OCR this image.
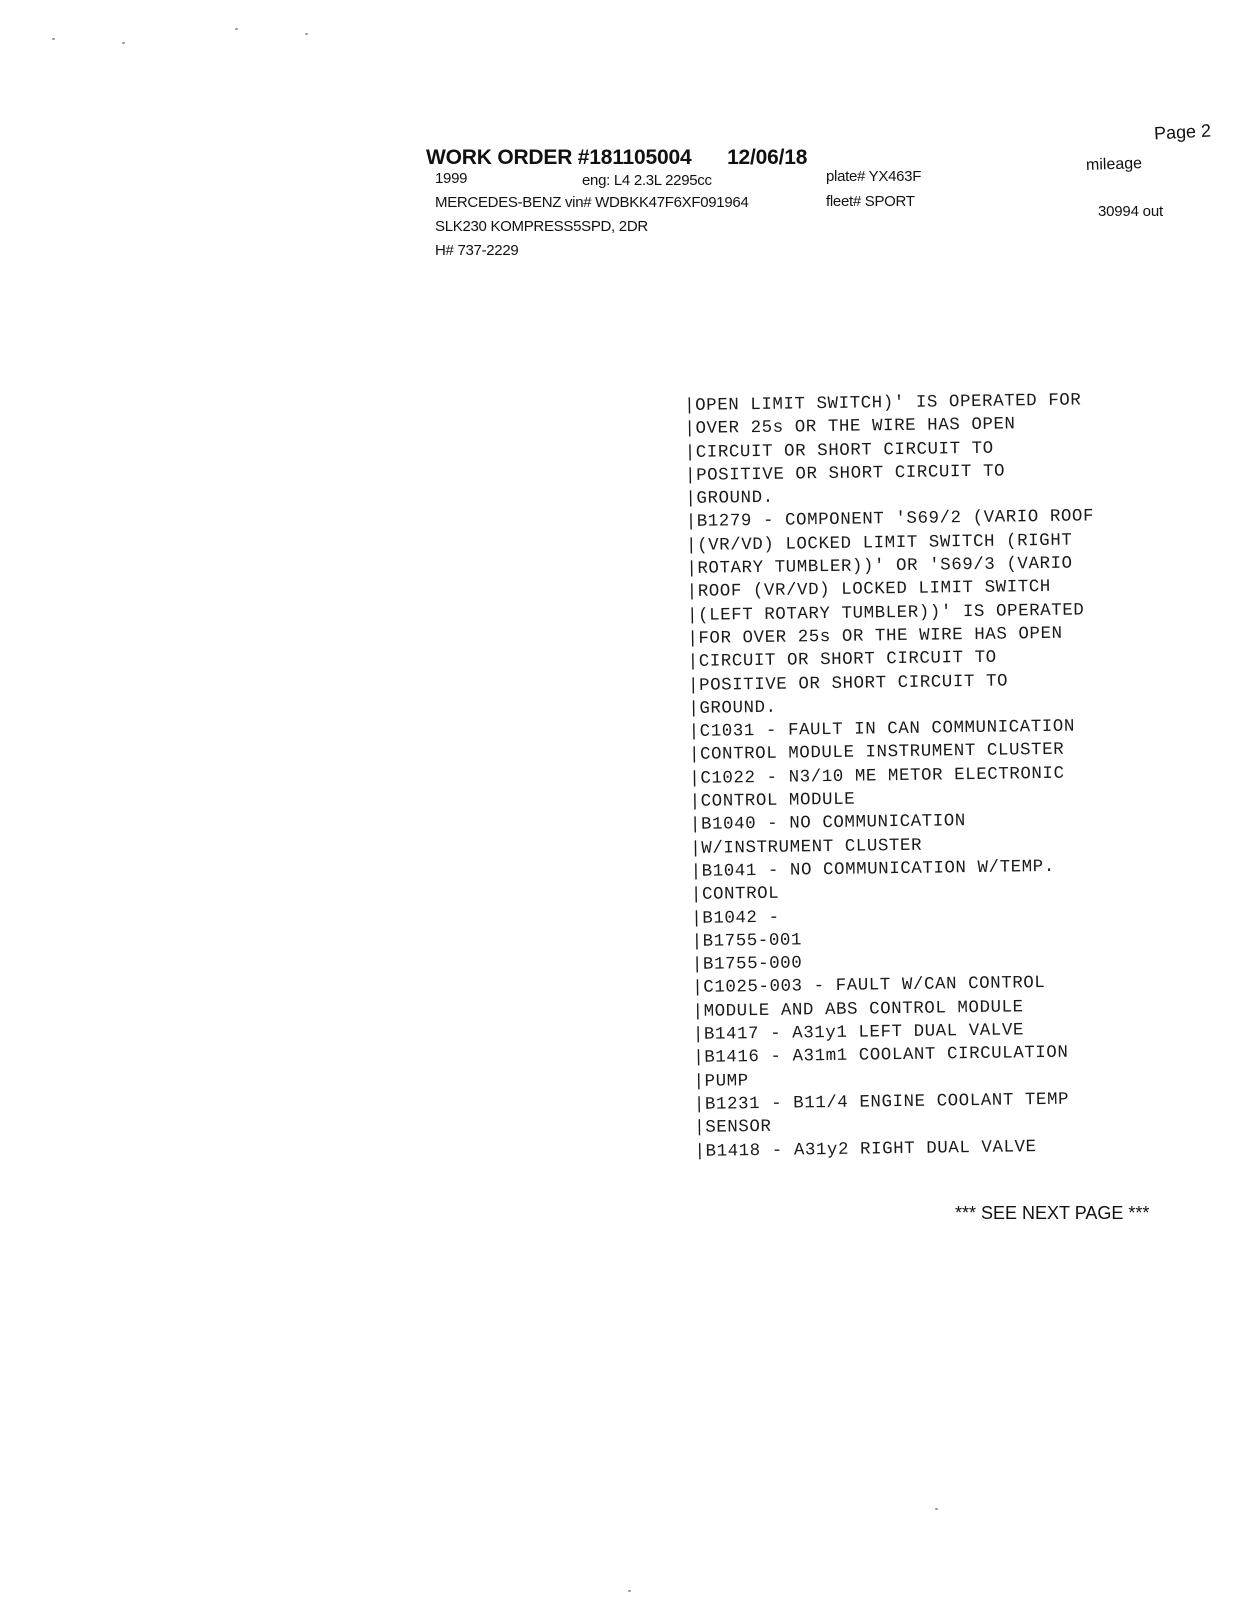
Page 2
WORK ORDER #181105004 12/06/18
1999	eng: L4 2.3L 2295cc
MERCEDES-BENZ vin# WDBKK47F6XF091964
SLK230 KOMPRESS5SPD, 2DR
H# 737-2229
plate# YX463F
fleet# SPORT
mileage
30994 out
|OPEN LIMIT SWITCH)' IS OPERATED FOR
|OVER 25s OR THE WIRE HAS OPEN
|CIRCUIT OR SHORT CIRCUIT TO
|POSITIVE OR SHORT CIRCUIT TO
|GROUND.
|B1279 - COMPONENT 'S69/2 (VARIO ROOF
|(VR/VD) LOCKED LIMIT SWITCH (RIGHT
|ROTARY TUMBLER))' OR 'S69/3 (VARIO
|ROOF (VR/VD) LOCKED LIMIT SWITCH
|(LEFT ROTARY TUMBLER))' IS OPERATED
|FOR OVER 25s OR THE WIRE HAS OPEN
|CIRCUIT OR SHORT CIRCUIT TO
|POSITIVE OR SHORT CIRCUIT TO
|GROUND.
|C1031 - FAULT IN CAN COMMUNICATION
|CONTROL MODULE INSTRUMENT CLUSTER
|C1022 - N3/10 ME METOR ELECTRONIC
|CONTROL MODULE
|B1040 - NO COMMUNICATION
|W/INSTRUMENT CLUSTER
|B1041 - NO COMMUNICATION W/TEMP.
|CONTROL
|B1042 -
|B1755-001
|B1755-000
|C1025-003 - FAULT W/CAN CONTROL
|MODULE AND ABS CONTROL MODULE
|B1417 - A31y1 LEFT DUAL VALVE
|B1416 - A31m1 COOLANT CIRCULATION
|PUMP
|B1231 - B11/4 ENGINE COOLANT TEMP
|SENSOR
|B1418 - A31y2 RIGHT DUAL VALVE
*** SEE NEXT PAGE ***
